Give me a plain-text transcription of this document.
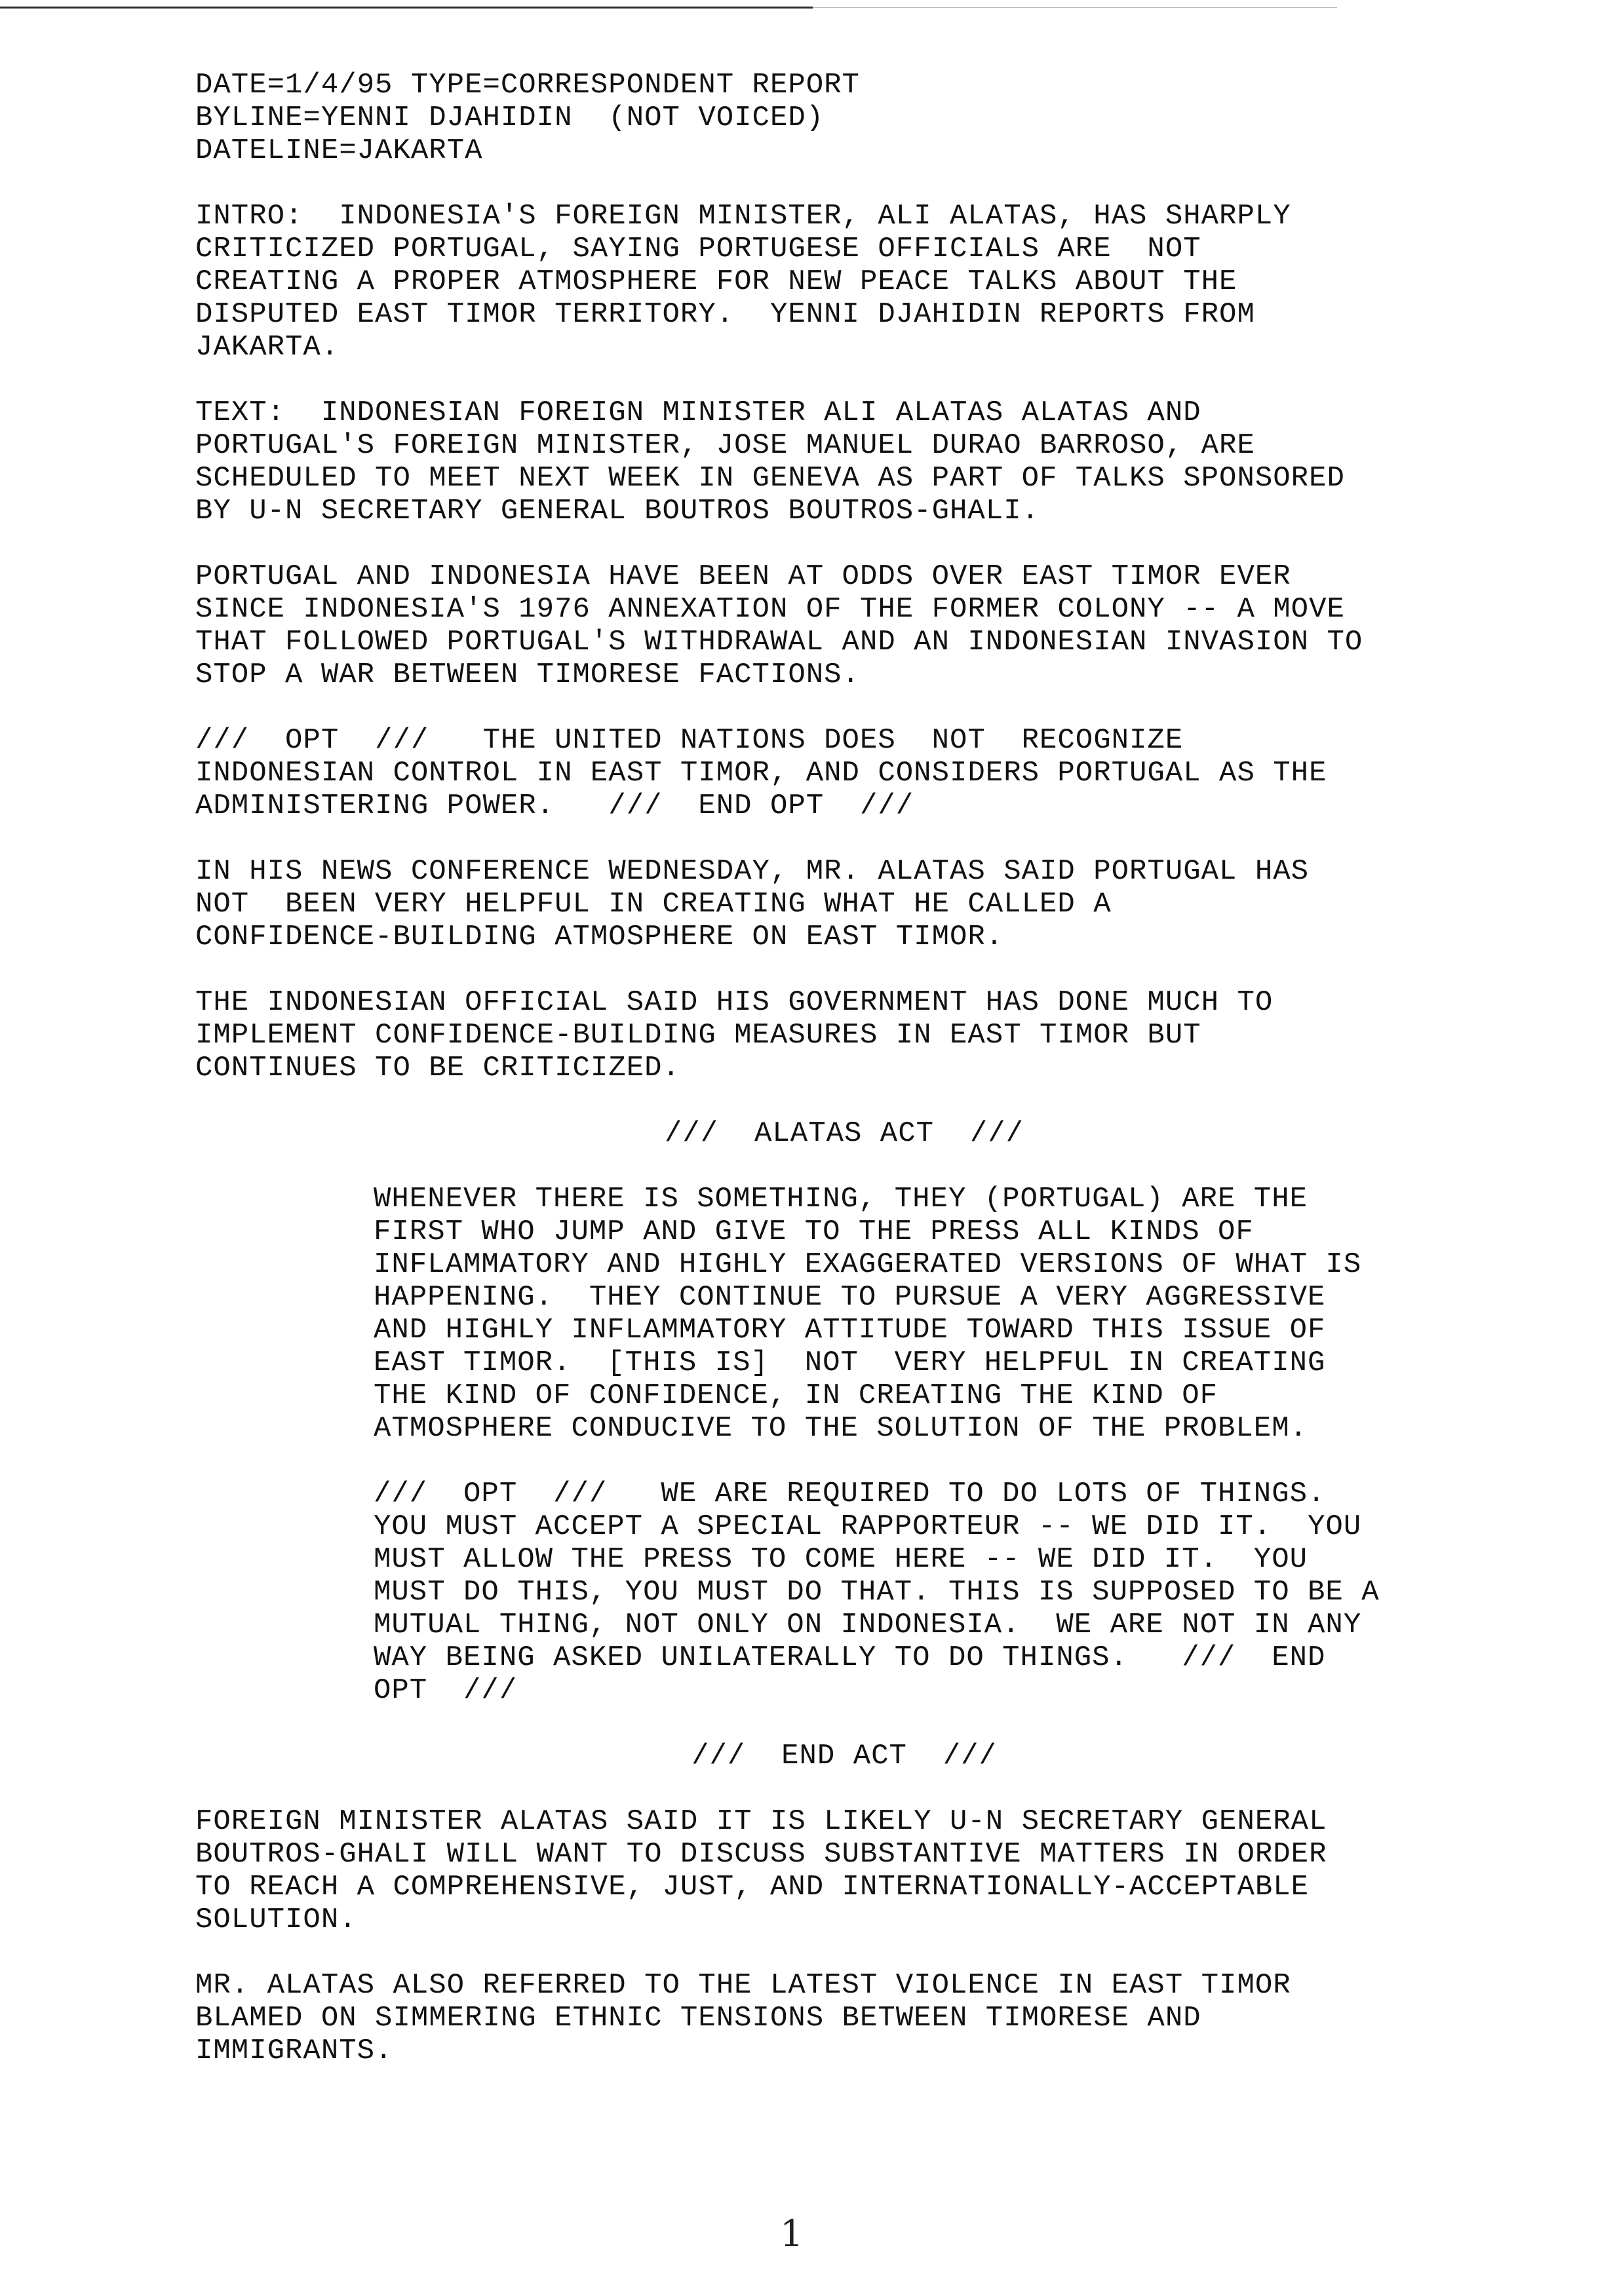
DATE=1/4/95 TYPE=CORRESPONDENT REPORT
BYLINE=YENNI DJAHIDIN  (NOT VOICED)
DATELINE=JAKARTA
INTRO:  INDONESIA'S FOREIGN MINISTER, ALI ALATAS, HAS SHARPLY
CRITICIZED PORTUGAL, SAYING PORTUGESE OFFICIALS ARE  NOT
CREATING A PROPER ATMOSPHERE FOR NEW PEACE TALKS ABOUT THE
DISPUTED EAST TIMOR TERRITORY.  YENNI DJAHIDIN REPORTS FROM
JAKARTA.
TEXT:  INDONESIAN FOREIGN MINISTER ALI ALATAS ALATAS AND
PORTUGAL'S FOREIGN MINISTER, JOSE MANUEL DURAO BARROSO, ARE
SCHEDULED TO MEET NEXT WEEK IN GENEVA AS PART OF TALKS SPONSORED
BY U-N SECRETARY GENERAL BOUTROS BOUTROS-GHALI.
PORTUGAL AND INDONESIA HAVE BEEN AT ODDS OVER EAST TIMOR EVER
SINCE INDONESIA'S 1976 ANNEXATION OF THE FORMER COLONY -- A MOVE
THAT FOLLOWED PORTUGAL'S WITHDRAWAL AND AN INDONESIAN INVASION TO
STOP A WAR BETWEEN TIMORESE FACTIONS.
///  OPT  ///   THE UNITED NATIONS DOES  NOT  RECOGNIZE
INDONESIAN CONTROL IN EAST TIMOR, AND CONSIDERS PORTUGAL AS THE
ADMINISTERING POWER.   ///  END OPT  ///
IN HIS NEWS CONFERENCE WEDNESDAY, MR. ALATAS SAID PORTUGAL HAS
NOT  BEEN VERY HELPFUL IN CREATING WHAT HE CALLED A
CONFIDENCE-BUILDING ATMOSPHERE ON EAST TIMOR.
THE INDONESIAN OFFICIAL SAID HIS GOVERNMENT HAS DONE MUCH TO
IMPLEMENT CONFIDENCE-BUILDING MEASURES IN EAST TIMOR BUT
CONTINUES TO BE CRITICIZED.
///  ALATAS ACT  ///
WHENEVER THERE IS SOMETHING, THEY (PORTUGAL) ARE THE
FIRST WHO JUMP AND GIVE TO THE PRESS ALL KINDS OF
INFLAMMATORY AND HIGHLY EXAGGERATED VERSIONS OF WHAT IS
HAPPENING.  THEY CONTINUE TO PURSUE A VERY AGGRESSIVE
AND HIGHLY INFLAMMATORY ATTITUDE TOWARD THIS ISSUE OF
EAST TIMOR.  [THIS IS]  NOT  VERY HELPFUL IN CREATING
THE KIND OF CONFIDENCE, IN CREATING THE KIND OF
ATMOSPHERE CONDUCIVE TO THE SOLUTION OF THE PROBLEM.
///  OPT  ///   WE ARE REQUIRED TO DO LOTS OF THINGS.
YOU MUST ACCEPT A SPECIAL RAPPORTEUR -- WE DID IT.  YOU
MUST ALLOW THE PRESS TO COME HERE -- WE DID IT.  YOU
MUST DO THIS, YOU MUST DO THAT. THIS IS SUPPOSED TO BE A
MUTUAL THING, NOT ONLY ON INDONESIA.  WE ARE NOT IN ANY
WAY BEING ASKED UNILATERALLY TO DO THINGS.   ///  END
OPT  ///
///  END ACT  ///
FOREIGN MINISTER ALATAS SAID IT IS LIKELY U-N SECRETARY GENERAL
BOUTROS-GHALI WILL WANT TO DISCUSS SUBSTANTIVE MATTERS IN ORDER
TO REACH A COMPREHENSIVE, JUST, AND INTERNATIONALLY-ACCEPTABLE
SOLUTION.
MR. ALATAS ALSO REFERRED TO THE LATEST VIOLENCE IN EAST TIMOR
BLAMED ON SIMMERING ETHNIC TENSIONS BETWEEN TIMORESE AND
IMMIGRANTS.
1
